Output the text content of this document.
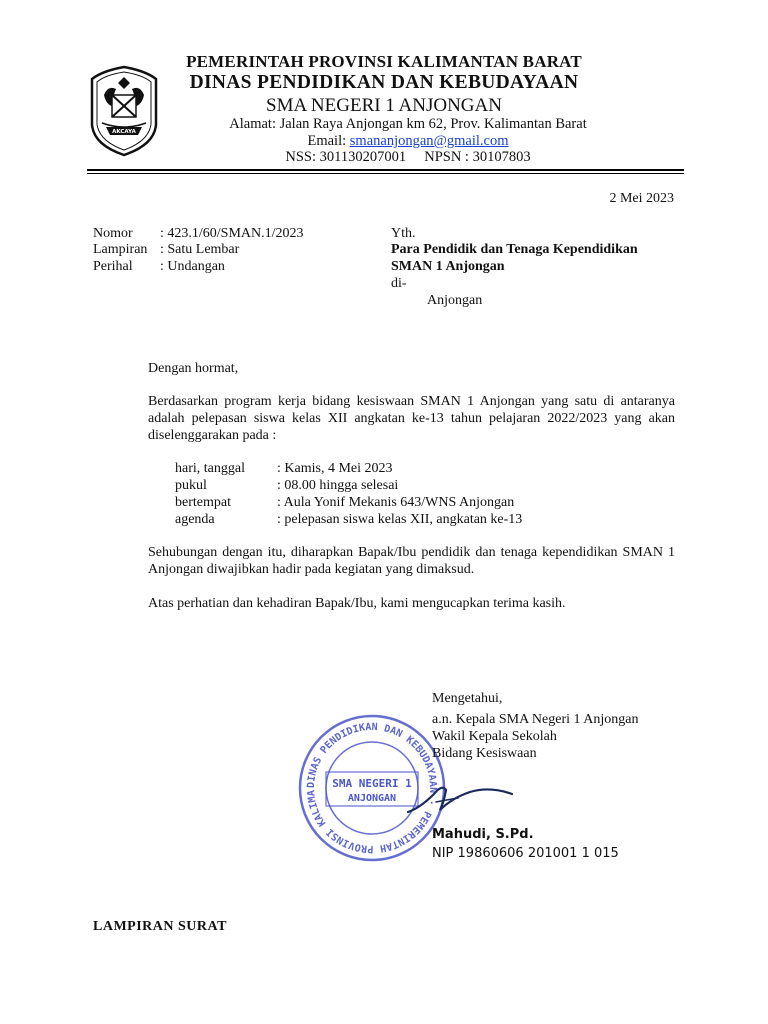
AKCAYA
PEMERINTAH PROVINSI KALIMANTAN BARAT
DINAS PENDIDIKAN DAN KEBUDAYAAN
SMA NEGERI 1 ANJONGAN
Alamat: Jalan Raya Anjongan km 62, Prov. Kalimantan Barat
Email: smananjongan@gmail.com
NSS: 301130207001     NPSN : 30107803
2 Mei 2023
Nomor	: 423.1/60/SMAN.1/2023
Lampiran : Satu Lembar
Perihal	: Undangan
Yth.
Para Pendidik dan Tenaga Kependidikan
SMAN 1 Anjongan
di-
Anjongan
Dengan hormat,
Berdasarkan program kerja bidang kesiswaan SMAN 1 Anjongan yang satu di antaranya adalah pelepasan siswa kelas XII angkatan ke-13 tahun pelajaran 2022/2023 yang akan diselenggarakan pada :
hari, tanggal : Kamis, 4 Mei 2023
pukul	: 08.00 hingga selesai
bertempat	: Aula Yonif Mekanis 643/WNS Anjongan
agenda	: pelepasan siswa kelas XII, angkatan ke-13
Sehubungan dengan itu, diharapkan Bapak/Ibu pendidik dan tenaga kependidikan SMAN 1 Anjongan diwajibkan hadir pada kegiatan yang dimaksud.
Atas perhatian dan kehadiran Bapak/Ibu, kami mengucapkan terima kasih.
DINAS PENDIDIKAN DAN KEBUDAYAAN · PEMERINTAH PROVINSI KALIMA
SMA NEGERI 1
ANJONGAN
Mengetahui,
a.n. Kepala SMA Negeri 1 Anjongan
Wakil Kepala Sekolah
Bidang Kesiswaan
Mahudi, S.Pd.
NIP 19860606 201001 1 015
LAMPIRAN SURAT
